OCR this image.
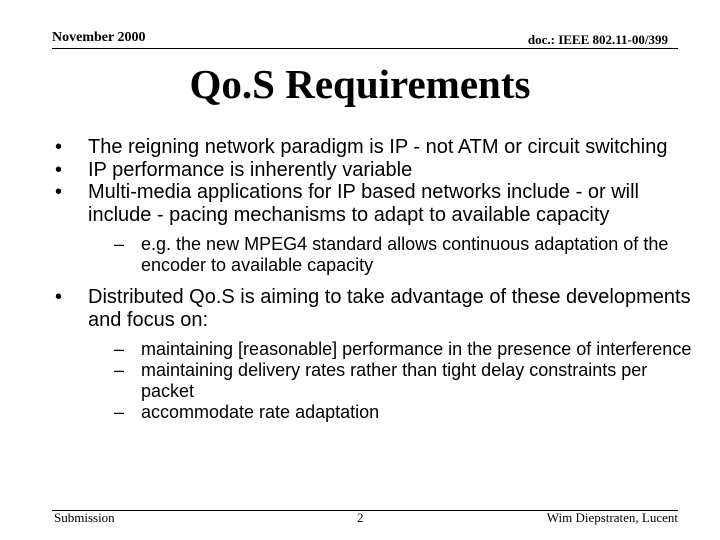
November 2000	doc.: IEEE 802.11-00/399
Qo.S Requirements
• The reigning network paradigm is IP - not ATM or circuit switching
• IP performance is inherently variable
• Multi-media applications for IP based networks include - or will include - pacing mechanisms to adapt to available capacity
– e.g. the new MPEG4 standard allows continuous adaptation of the encoder to available capacity
• Distributed Qo.S is aiming to take advantage of these developments and focus on:
– maintaining [reasonable] performance in the presence of interference
– maintaining delivery rates rather than tight delay constraints per packet
– accommodate rate adaptation
Submission	2	Wim Diepstraten, Lucent
